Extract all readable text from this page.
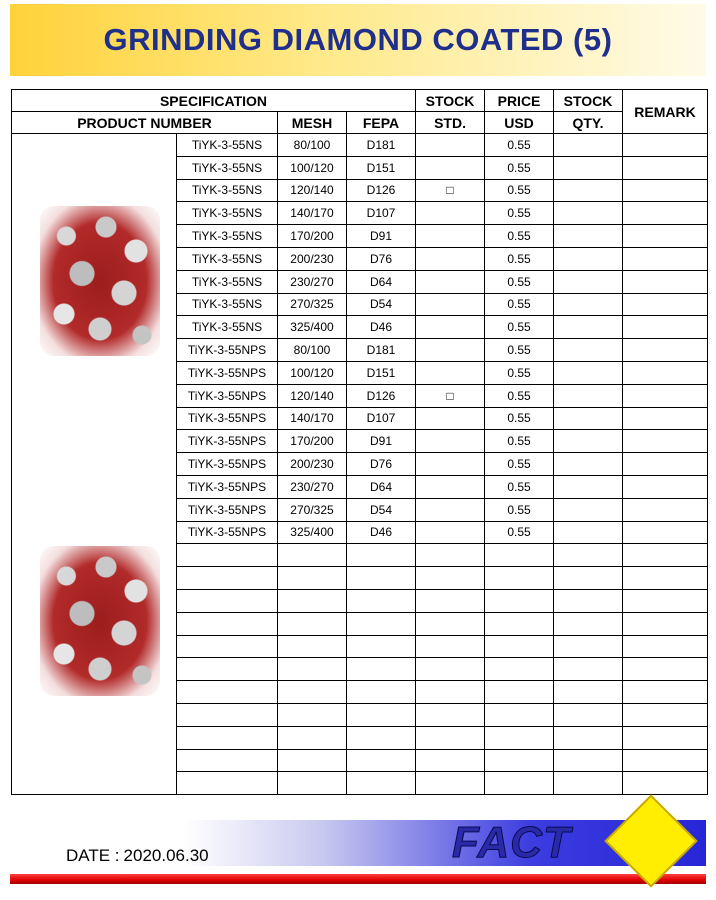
GRINDING DIAMOND COATED (5)
SPECIFICATION				STOCK	PRICE	STOCK	REMARK
PRODUCT NUMBER		MESH	FEPA	STD.	USD	QTY.	

	TiYK-3-55NS	80/100	D181		0.55		
	TiYK-3-55NS	100/120	D151		0.55		
	TiYK-3-55NS	120/140	D126	□	0.55		
	TiYK-3-55NS	140/170	D107		0.55		
	TiYK-3-55NS	170/200	D91		0.55		
	TiYK-3-55NS	200/230	D76		0.55		
	TiYK-3-55NS	230/270	D64		0.55		
	TiYK-3-55NS	270/325	D54		0.55		
	TiYK-3-55NS	325/400	D46		0.55		
	TiYK-3-55NPS	80/100	D181		0.55		
	TiYK-3-55NPS	100/120	D151		0.55		
	TiYK-3-55NPS	120/140	D126	□	0.55		
	TiYK-3-55NPS	140/170	D107		0.55		
	TiYK-3-55NPS	170/200	D91		0.55		
	TiYK-3-55NPS	200/230	D76		0.55		
	TiYK-3-55NPS	230/270	D64		0.55		
	TiYK-3-55NPS	270/325	D54		0.55		
	TiYK-3-55NPS	325/400	D46		0.55		

DATE : 2020.06.30	FACT
